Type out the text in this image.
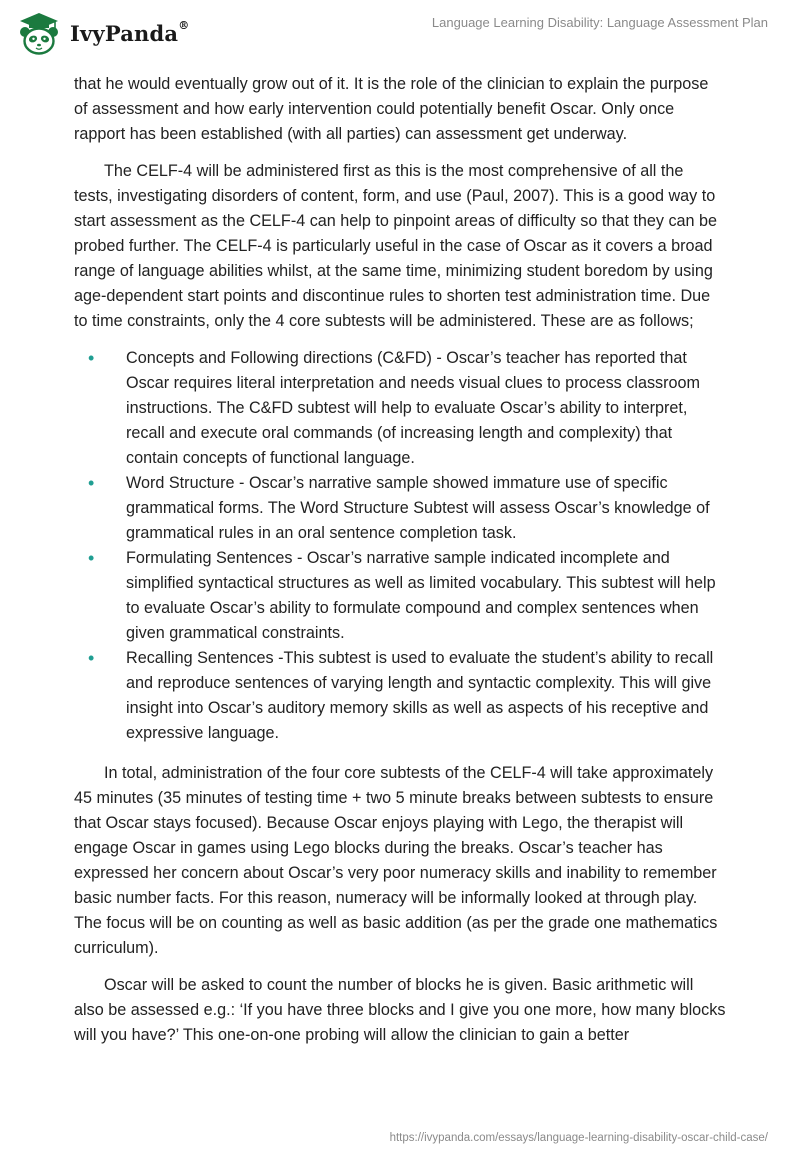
IvyPanda®	Language Learning Disability: Language Assessment Plan

that he would eventually grow out of it. It is the role of the clinician to explain the purpose of assessment and how early intervention could potentially benefit Oscar. Only once rapport has been established (with all parties) can assessment get underway.

The CELF-4 will be administered first as this is the most comprehensive of all the tests, investigating disorders of content, form, and use (Paul, 2007). This is a good way to start assessment as the CELF-4 can help to pinpoint areas of difficulty so that they can be probed further. The CELF-4 is particularly useful in the case of Oscar as it covers a broad range of language abilities whilst, at the same time, minimizing student boredom by using age-dependent start points and discontinue rules to shorten test administration time. Due to time constraints, only the 4 core subtests will be administered. These are as follows;

• Concepts and Following directions (C&FD) - Oscar’s teacher has reported that Oscar requires literal interpretation and needs visual clues to process classroom instructions. The C&FD subtest will help to evaluate Oscar’s ability to interpret, recall and execute oral commands (of increasing length and complexity) that contain concepts of functional language.
• Word Structure - Oscar’s narrative sample showed immature use of specific grammatical forms. The Word Structure Subtest will assess Oscar’s knowledge of grammatical rules in an oral sentence completion task.
• Formulating Sentences - Oscar’s narrative sample indicated incomplete and simplified syntactical structures as well as limited vocabulary. This subtest will help to evaluate Oscar’s ability to formulate compound and complex sentences when given grammatical constraints.
• Recalling Sentences -This subtest is used to evaluate the student’s ability to recall and reproduce sentences of varying length and syntactic complexity. This will give insight into Oscar’s auditory memory skills as well as aspects of his receptive and expressive language.

In total, administration of the four core subtests of the CELF-4 will take approximately 45 minutes (35 minutes of testing time + two 5 minute breaks between subtests to ensure that Oscar stays focused). Because Oscar enjoys playing with Lego, the therapist will engage Oscar in games using Lego blocks during the breaks. Oscar’s teacher has expressed her concern about Oscar’s very poor numeracy skills and inability to remember basic number facts. For this reason, numeracy will be informally looked at through play. The focus will be on counting as well as basic addition (as per the grade one mathematics curriculum).

Oscar will be asked to count the number of blocks he is given. Basic arithmetic will also be assessed e.g.: ‘If you have three blocks and I give you one more, how many blocks will you have?’ This one-on-one probing will allow the clinician to gain a better

https://ivypanda.com/essays/language-learning-disability-oscar-child-case/
